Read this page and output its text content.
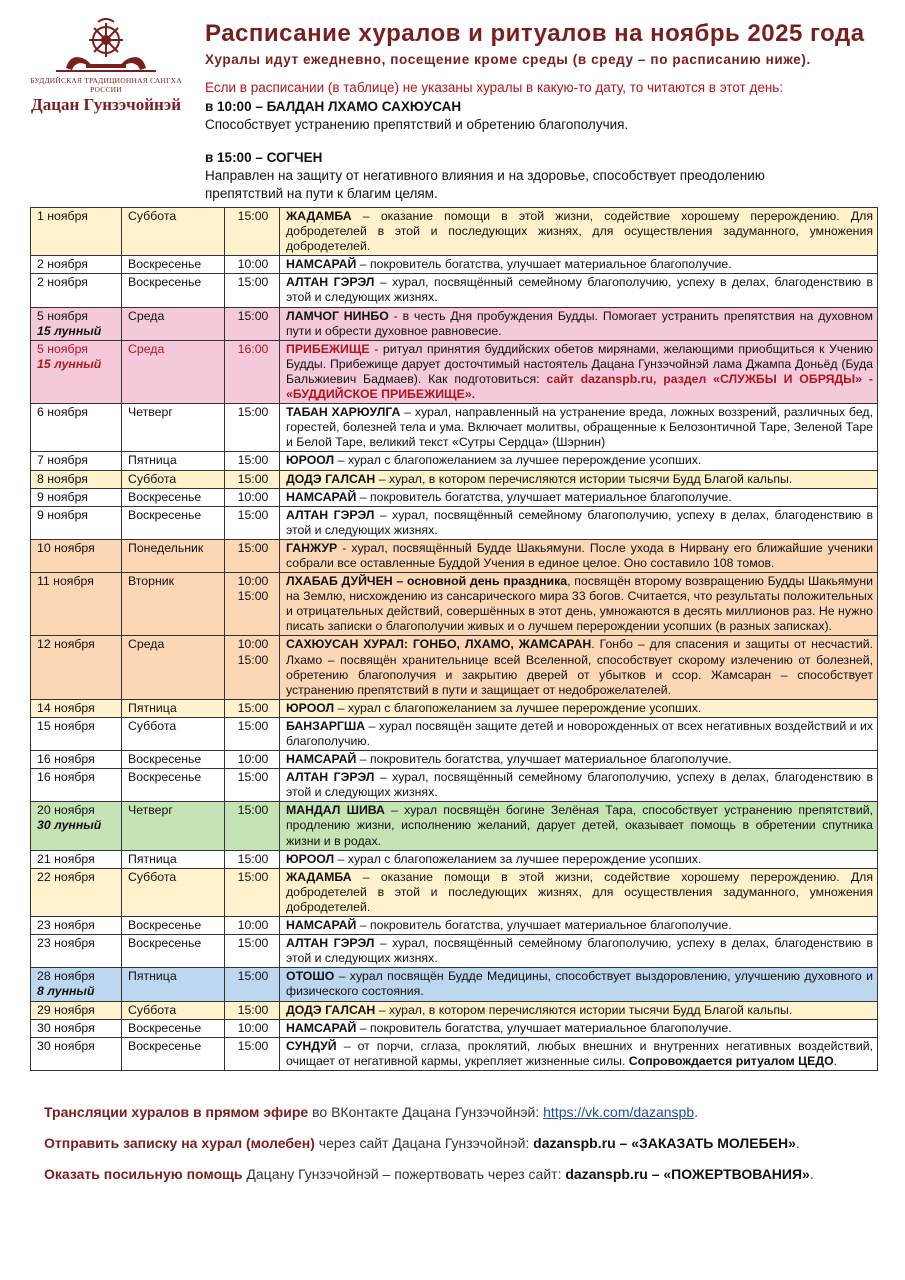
БУДДИЙСКАЯ ТРАДИЦИОННАЯ САНГХА РОССИИ
Дацан Гунзэчойнэй
Расписание хуралов и ритуалов на ноябрь 2025 года
Хуралы идут ежедневно, посещение кроме среды (в среду – по расписанию ниже).
Если в расписании (в таблице) не указаны хуралы в какую-то дату, то читаются в этот день:
в 10:00 – БАЛДАН ЛХАМО САХЮУСАН
Способствует устранению препятствий и обретению благополучия.
в 15:00 – СОГЧЕН
Направлен на защиту от негативного влияния и на здоровье, способствует преодолению препятствий на пути к благим целям.
1 ноября	Суббота	15:00	ЖАДАМБА – оказание помощи в этой жизни, содействие хорошему перерождению. Для добродетелей в этой и последующих жизнях, для осуществления задуманного, умножения добродетелей.
2 ноября	Воскресенье	10:00	НАМСАРАЙ – покровитель богатства, улучшает материальное благополучие.
2 ноября	Воскресенье	15:00	АЛТАН ГЭРЭЛ – хурал, посвящённый семейному благополучию, успеху в делах, благоденствию в этой и следующих жизнях.
5 ноября
15 лунный	Среда	15:00	ЛАМЧОГ НИНБО - в честь Дня пробуждения Будды. Помогает устранить препятствия на духовном пути и обрести духовное равновесие.
5 ноября
15 лунный	Среда	16:00	ПРИБЕЖИЩЕ - ритуал принятия буддийских обетов мирянами, желающими приобщиться к Учению Будды. Прибежище дарует досточтимый настоятель Дацана Гунзэчойнэй лама Джампа Доньёд (Буда Бальжиевич Бадмаев). Как подготовиться: сайт dazanspb.ru, раздел «СЛУЖБЫ И ОБРЯДЫ» - «БУДДИЙСКОЕ ПРИБЕЖИЩЕ».
6 ноября	Четверг	15:00	ТАБАН ХАРЮУЛГА – хурал, направленный на устранение вреда, ложных воззрений, различных бед, горестей, болезней тела и ума. Включает молитвы, обращенные к Белозонтичной Таре, Зеленой Таре и Белой Таре, великий текст «Сутры Сердца» (Шэрнин)
7 ноября	Пятница	15:00	ЮРООЛ – хурал с благопожеланием за лучшее перерождение усопших.
8 ноября	Суббота	15:00	ДОДЭ ГАЛСАН – хурал, в котором перечисляются истории тысячи Будд Благой кальпы.
9 ноября	Воскресенье	10:00	НАМСАРАЙ – покровитель богатства, улучшает материальное благополучие.
9 ноября	Воскресенье	15:00	АЛТАН ГЭРЭЛ – хурал, посвящённый семейному благополучию, успеху в делах, благоденствию в этой и следующих жизнях.
10 ноября	Понедельник	15:00	ГАНЖУР - хурал, посвящённый Будде Шакьямуни. После ухода в Нирвану его ближайшие ученики собрали все оставленные Буддой Учения в единое целое. Оно составило 108 томов.
11 ноября	Вторник	10:00
15:00	ЛХАБАБ ДУЙЧЕН – основной день праздника, посвящён второму возвращению Будды Шакьямуни на Землю, нисхождению из сансарического мира 33 богов. Считается, что результаты положительных и отрицательных действий, совершённых в этот день, умножаются в десять миллионов раз. Не нужно писать записки о благополучии живых и о лучшем перерождении усопших (в разных записках).
12 ноября	Среда	10:00
15:00	САХЮУСАН ХУРАЛ: ГОНБО, ЛХАМО, ЖАМСАРАН. Гонбо – для спасения и защиты от несчастий. Лхамо – посвящён хранительнице всей Вселенной, способствует скорому излечению от болезней, обретению благополучия и закрытию дверей от убытков и ссор. Жамсаран – способствует устранению препятствий в пути и защищает от недоброжелателей.
14 ноября	Пятница	15:00	ЮРООЛ – хурал с благопожеланием за лучшее перерождение усопших.
15 ноября	Суббота	15:00	БАНЗАРГША – хурал посвящён защите детей и новорожденных от всех негативных воздействий и их благополучию.
16 ноября	Воскресенье	10:00	НАМСАРАЙ – покровитель богатства, улучшает материальное благополучие.
16 ноября	Воскресенье	15:00	АЛТАН ГЭРЭЛ – хурал, посвящённый семейному благополучию, успеху в делах, благоденствию в этой и следующих жизнях.
20 ноября
30 лунный	Четверг	15:00	МАНДАЛ ШИВА – хурал посвящён богине Зелёная Тара, способствует устранению препятствий, продлению жизни, исполнению желаний, дарует детей, оказывает помощь в обретении спутника жизни и в родах.
21 ноября	Пятница	15:00	ЮРООЛ – хурал с благопожеланием за лучшее перерождение усопших.
22 ноября	Суббота	15:00	ЖАДАМБА – оказание помощи в этой жизни, содействие хорошему перерождению. Для добродетелей в этой и последующих жизнях, для осуществления задуманного, умножения добродетелей.
23 ноября	Воскресенье	10:00	НАМСАРАЙ – покровитель богатства, улучшает материальное благополучие.
23 ноября	Воскресенье	15:00	АЛТАН ГЭРЭЛ – хурал, посвящённый семейному благополучию, успеху в делах, благоденствию в этой и следующих жизнях.
28 ноября
8 лунный	Пятница	15:00	ОТОШО – хурал посвящён Будде Медицины, способствует выздоровлению, улучшению духовного и физического состояния.
29 ноября	Суббота	15:00	ДОДЭ ГАЛСАН – хурал, в котором перечисляются истории тысячи Будд Благой кальпы.
30 ноября	Воскресенье	10:00	НАМСАРАЙ – покровитель богатства, улучшает материальное благополучие.
30 ноября	Воскресенье	15:00	СУНДУЙ – от порчи, сглаза, проклятий, любых внешних и внутренних негативных воздействий, очищает от негативной кармы, укрепляет жизненные силы. Сопровождается ритуалом ЦЕДО.
Трансляции хуралов в прямом эфире во ВКонтакте Дацана Гунзэчойнэй: https://vk.com/dazanspb.
Отправить записку на хурал (молебен) через сайт Дацана Гунзэчойнэй: dazanspb.ru – «ЗАКАЗАТЬ МОЛЕБЕН».
Оказать посильную помощь Дацану Гунзэчойнэй – пожертвовать через сайт: dazanspb.ru – «ПОЖЕРТВОВАНИЯ».
